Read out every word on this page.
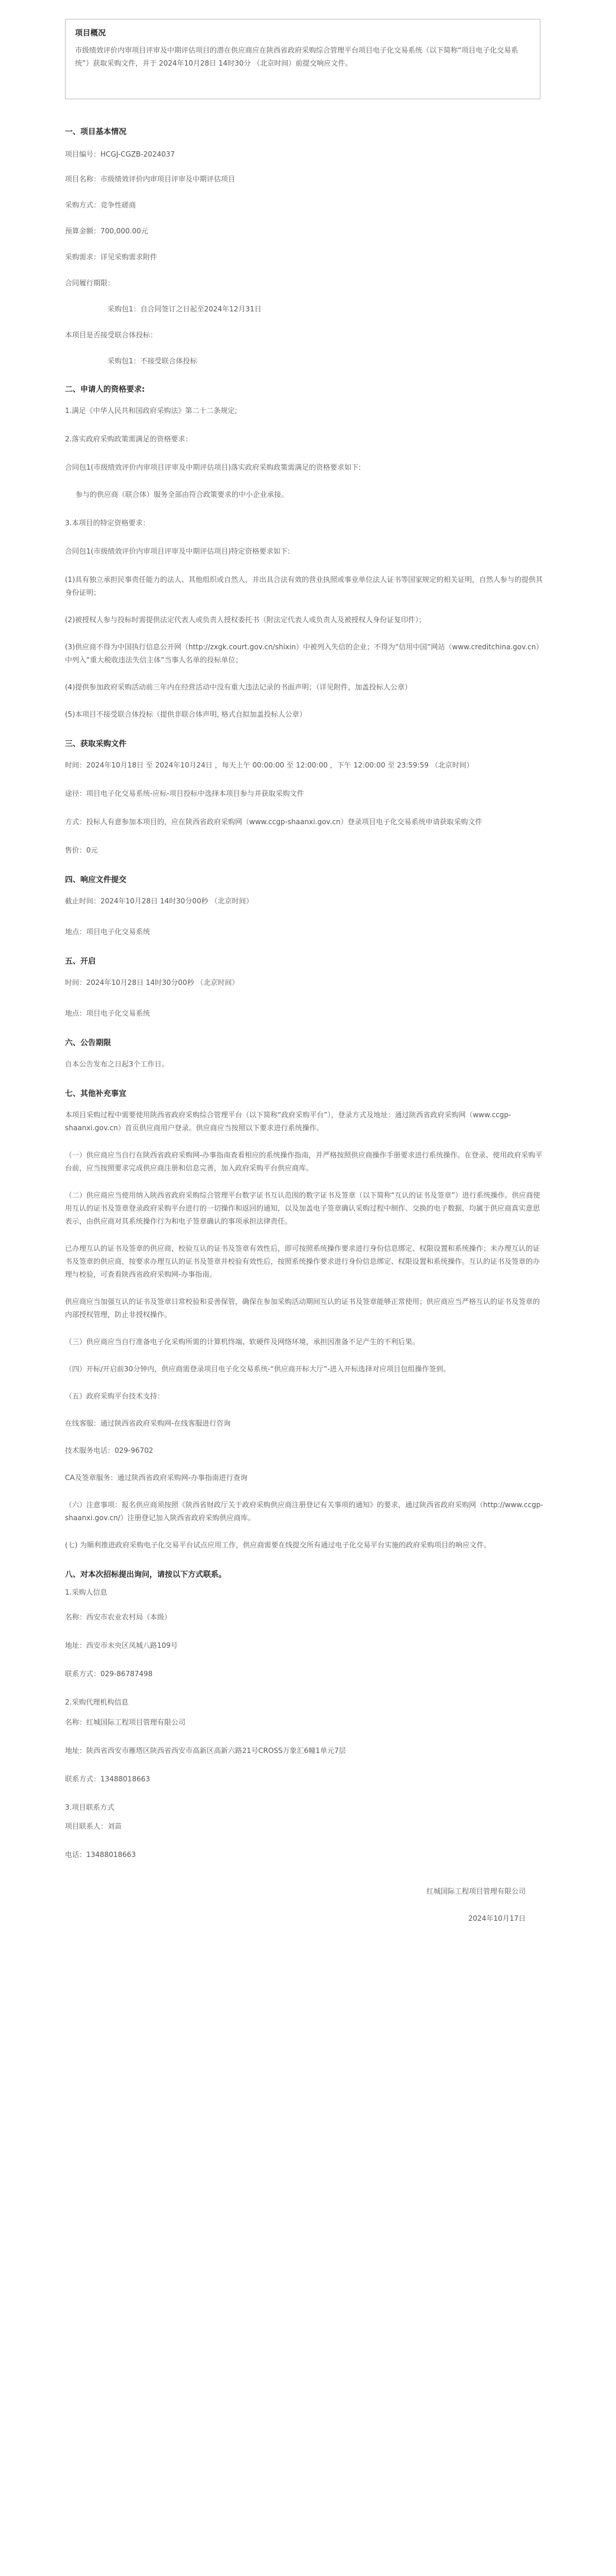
项目概况
市级绩效评价内审项目评审及中期评估项目的潜在供应商应在陕西省政府采购综合管理平台项目电子化交易系统（以下简称“项目电子化交易系统”）获取采购文件，并于 2024年10月28日 14时30分 （北京时间）前提交响应文件。
一、项目基本情况
项目编号：HCGJ-CGZB-2024037
项目名称：市级绩效评价内审项目评审及中期评估项目
采购方式：竞争性磋商
预算金额：700,000.00元
采购需求：详见采购需求附件
合同履行期限：
采购包1：自合同签订之日起至2024年12月31日
本项目是否接受联合体投标：
采购包1：不接受联合体投标
二、申请人的资格要求:
1.满足《中华人民共和国政府采购法》第二十二条规定;
2.落实政府采购政策需满足的资格要求：
合同包1(市级绩效评价内审项目评审及中期评估项目)落实政府采购政策需满足的资格要求如下:
参与的供应商（联合体）服务全部由符合政策要求的中小企业承接。
3.本项目的特定资格要求：
合同包1(市级绩效评价内审项目评审及中期评估项目)特定资格要求如下:
(1)具有独立承担民事责任能力的法人、其他组织或自然人，并出具合法有效的营业执照或事业单位法人证书等国家规定的相关证明，自然人参与的提供其身份证明；
(2)被授权人参与投标时需提供法定代表人或负责人授权委托书（附法定代表人或负责人及被授权人身份证复印件）；
(3)供应商不得为中国执行信息公开网（http://zxgk.court.gov.cn/shixin）中被列入失信的企业；不得为“信用中国”网站（www.creditchina.gov.cn）中列入“重大税收违法失信主体”当事人名单的投标单位；
(4)提供参加政府采购活动前三年内在经营活动中没有重大违法记录的书面声明；（详见附件，加盖投标人公章）
(5)本项目不接受联合体投标（提供非联合体声明, 格式自拟加盖投标人公章）
三、获取采购文件
时间：2024年10月18日 至 2024年10月24日 ，每天上午 00:00:00 至 12:00:00 ，下午 12:00:00 至 23:59:59 （北京时间）
途径：项目电子化交易系统-应标-项目投标中选择本项目参与并获取采购文件
方式：投标人有意参加本项目的，应在陕西省政府采购网（www.ccgp-shaanxi.gov.cn）登录项目电子化交易系统申请获取采购文件
售价：0元
四、响应文件提交
截止时间：2024年10月28日 14时30分00秒 （北京时间）
地点：项目电子化交易系统
五、开启
时间：2024年10月28日 14时30分00秒 （北京时间）
地点：项目电子化交易系统
六、公告期限
自本公告发布之日起3个工作日。
七、其他补充事宜
本项目采购过程中需要使用陕西省政府采购综合管理平台（以下简称“政府采购平台”），登录方式及地址：通过陕西省政府采购网（www.ccgp-shaanxi.gov.cn）首页供应商用户登录。供应商应当按照以下要求进行系统操作。
（一）供应商应当自行在陕西省政府采购网-办事指南查看相应的系统操作指南，并严格按照供应商操作手册要求进行系统操作。在登录、使用政府采购平台前，应当按照要求完成供应商注册和信息完善，加入政府采购平台供应商库。
（二）供应商应当使用纳入陕西省政府采购综合管理平台数字证书互认范围的数字证书及签章（以下简称“互认的证书及签章”）进行系统操作。供应商使用互认的证书及签章登录政府采购平台进行的一切操作和返回的通知，以及加盖电子签章确认采购过程中制作、交换的电子数据，均属于供应商真实意思表示，由供应商对其系统操作行为和电子签章确认的事项承担法律责任。
已办理互认的证书及签章的供应商，校验互认的证书及签章有效性后，即可按照系统操作要求进行身份信息绑定、权限设置和系统操作；未办理互认的证书及签章的供应商，按要求办理互认的证书及签章并校验有效性后，按照系统操作要求进行身份信息绑定、权限设置和系统操作。互认的证书及签章的办理与校验，可查看陕西省政府采购网-办事指南。
供应商应当加强互认的证书及签章日常校验和妥善保管，确保在参加采购活动期间互认的证书及签章能够正常使用；供应商应当严格互认的证书及签章的内部授权管理，防止非授权操作。
（三）供应商应当自行准备电子化采购所需的计算机终端、软硬件及网络环境，承担因准备不足产生的不利后果。
（四）开标/开启前30分钟内，供应商需登录项目电子化交易系统-“供应商开标大厅”-进入开标选择对应项目包组操作签到。
（五）政府采购平台技术支持：
在线客服：通过陕西省政府采购网-在线客服进行咨询
技术服务电话：029-96702
CA及签章服务：通过陕西省政府采购网-办事指南进行查询
（六）注意事项：报名供应商须按照《陕西省财政厅关于政府采购供应商注册登记有关事项的通知》的要求，通过陕西省政府采购网（http://www.ccgp-shaanxi.gov.cn/）注册登记加入陕西省政府采购供应商库。
(七) 为顺利推进政府采购电子化交易平台试点应用工作，供应商需要在线提交所有通过电子化交易平台实施的政府采购项目的响应文件。
八、对本次招标提出询问，请按以下方式联系。
1.采购人信息
名称：西安市农业农村局（本级）
地址：西安市未央区凤城八路109号
联系方式：029-86787498
2.采购代理机构信息
名称：红城国际工程项目管理有限公司
地址：陕西省西安市雁塔区陕西省西安市高新区高新六路21号CROSS万象汇6幢1单元7层
联系方式：13488018663
3.项目联系方式
项目联系人：刘苗
电话：13488018663
红城国际工程项目管理有限公司
2024年10月17日
